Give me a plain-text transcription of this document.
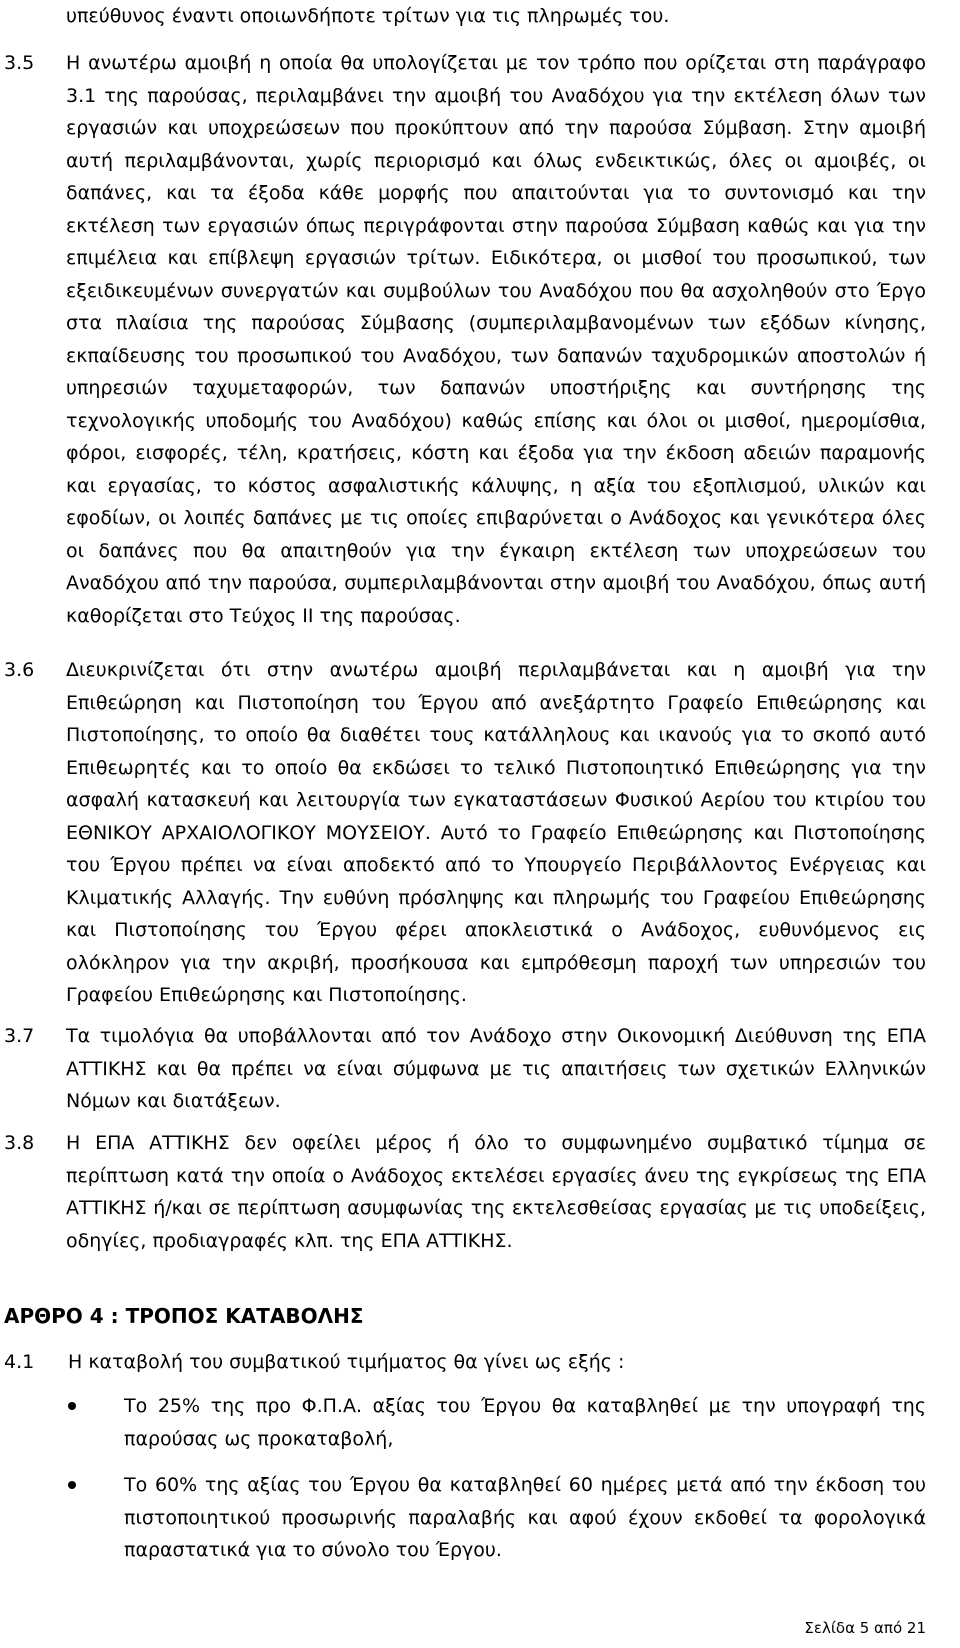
υπεύθυνος έναντι οποιωνδήποτε τρίτων για τις πληρωμές του.

3.5 Η ανωτέρω αμοιβή η οποία θα υπολογίζεται με τον τρόπο που ορίζεται στη παράγραφο 3.1 της παρούσας, περιλαμβάνει την αμοιβή του Αναδόχου για την εκτέλεση όλων των εργασιών και υποχρεώσεων που προκύπτουν από την παρούσα Σύμβαση. Στην αμοιβή αυτή περιλαμβάνονται, χωρίς περιορισμό και όλως ενδεικτικώς, όλες οι αμοιβές, οι δαπάνες, και τα έξοδα κάθε μορφής που απαιτούνται για το συντονισμό και την εκτέλεση των εργασιών όπως περιγράφονται στην παρούσα Σύμβαση καθώς και για την επιμέλεια και επίβλεψη εργασιών τρίτων. Ειδικότερα, οι μισθοί του προσωπικού, των εξειδικευμένων συνεργατών και συμβούλων του Αναδόχου που θα ασχοληθούν στο Έργο στα πλαίσια της παρούσας Σύμβασης (συμπεριλαμβανομένων των εξόδων κίνησης, εκπαίδευσης του προσωπικού του Αναδόχου, των δαπανών ταχυδρομικών αποστολών ή υπηρεσιών ταχυμεταφορών, των δαπανών υποστήριξης και συντήρησης της τεχνολογικής υποδομής του Αναδόχου) καθώς επίσης και όλοι οι μισθοί, ημερομίσθια, φόροι, εισφορές, τέλη, κρατήσεις, κόστη και έξοδα για την έκδοση αδειών παραμονής και εργασίας, το κόστος ασφαλιστικής κάλυψης, η αξία του εξοπλισμού, υλικών και εφοδίων, οι λοιπές δαπάνες με τις οποίες επιβαρύνεται ο Ανάδοχος και γενικότερα όλες οι δαπάνες που θα απαιτηθούν για την έγκαιρη εκτέλεση των υποχρεώσεων του Αναδόχου από την παρούσα, συμπεριλαμβάνονται στην αμοιβή του Αναδόχου, όπως αυτή καθορίζεται στο Τεύχος ΙΙ της παρούσας.

3.6 Διευκρινίζεται ότι στην ανωτέρω αμοιβή περιλαμβάνεται και η αμοιβή για την Επιθεώρηση και Πιστοποίηση του Έργου από ανεξάρτητο Γραφείο Επιθεώρησης και Πιστοποίησης, το οποίο θα διαθέτει τους κατάλληλους και ικανούς για το σκοπό αυτό Επιθεωρητές και το οποίο θα εκδώσει το τελικό Πιστοποιητικό Επιθεώρησης για την ασφαλή κατασκευή και λειτουργία των εγκαταστάσεων Φυσικού Αερίου του κτιρίου του ΕΘΝΙΚΟΥ ΑΡΧΑΙΟΛΟΓΙΚΟΥ ΜΟΥΣΕΙΟΥ. Αυτό το Γραφείο Επιθεώρησης και Πιστοποίησης του Έργου πρέπει να είναι αποδεκτό από το Υπουργείο Περιβάλλοντος Ενέργειας και Κλιματικής Αλλαγής. Την ευθύνη πρόσληψης και πληρωμής του Γραφείου Επιθεώρησης και Πιστοποίησης του Έργου φέρει αποκλειστικά ο Ανάδοχος, ευθυνόμενος εις ολόκληρον για την ακριβή, προσήκουσα και εμπρόθεσμη παροχή των υπηρεσιών του Γραφείου Επιθεώρησης και Πιστοποίησης.

3.7 Τα τιμολόγια θα υποβάλλονται από τον Ανάδοχο στην Οικονομική Διεύθυνση της ΕΠΑ ΑΤΤΙΚΗΣ και θα πρέπει να είναι σύμφωνα με τις απαιτήσεις των σχετικών Ελληνικών Νόμων και διατάξεων.

3.8 Η ΕΠΑ ΑΤΤΙΚΗΣ δεν οφείλει μέρος ή όλο το συμφωνημένο συμβατικό τίμημα σε περίπτωση κατά την οποία ο Ανάδοχος εκτελέσει εργασίες άνευ της εγκρίσεως της ΕΠΑ ΑΤΤΙΚΗΣ ή/και σε περίπτωση ασυμφωνίας της εκτελεσθείσας εργασίας με τις υποδείξεις, οδηγίες, προδιαγραφές κλπ. της ΕΠΑ ΑΤΤΙΚΗΣ.

ΑΡΘΡΟ 4 : ΤΡΟΠΟΣ ΚΑΤΑΒΟΛΗΣ
4.1 Η καταβολή του συμβατικού τιμήματος θα γίνει ως εξής :

Το 25% της προ Φ.Π.Α. αξίας του Έργου θα καταβληθεί με την υπογραφή της παρούσας ως προκαταβολή,

Το 60% της αξίας του Έργου θα καταβληθεί 60 ημέρες μετά από την έκδοση του πιστοποιητικού προσωρινής παραλαβής και αφού έχουν εκδοθεί τα φορολογικά παραστατικά για το σύνολο του Έργου.

Σελίδα 5 από 21
